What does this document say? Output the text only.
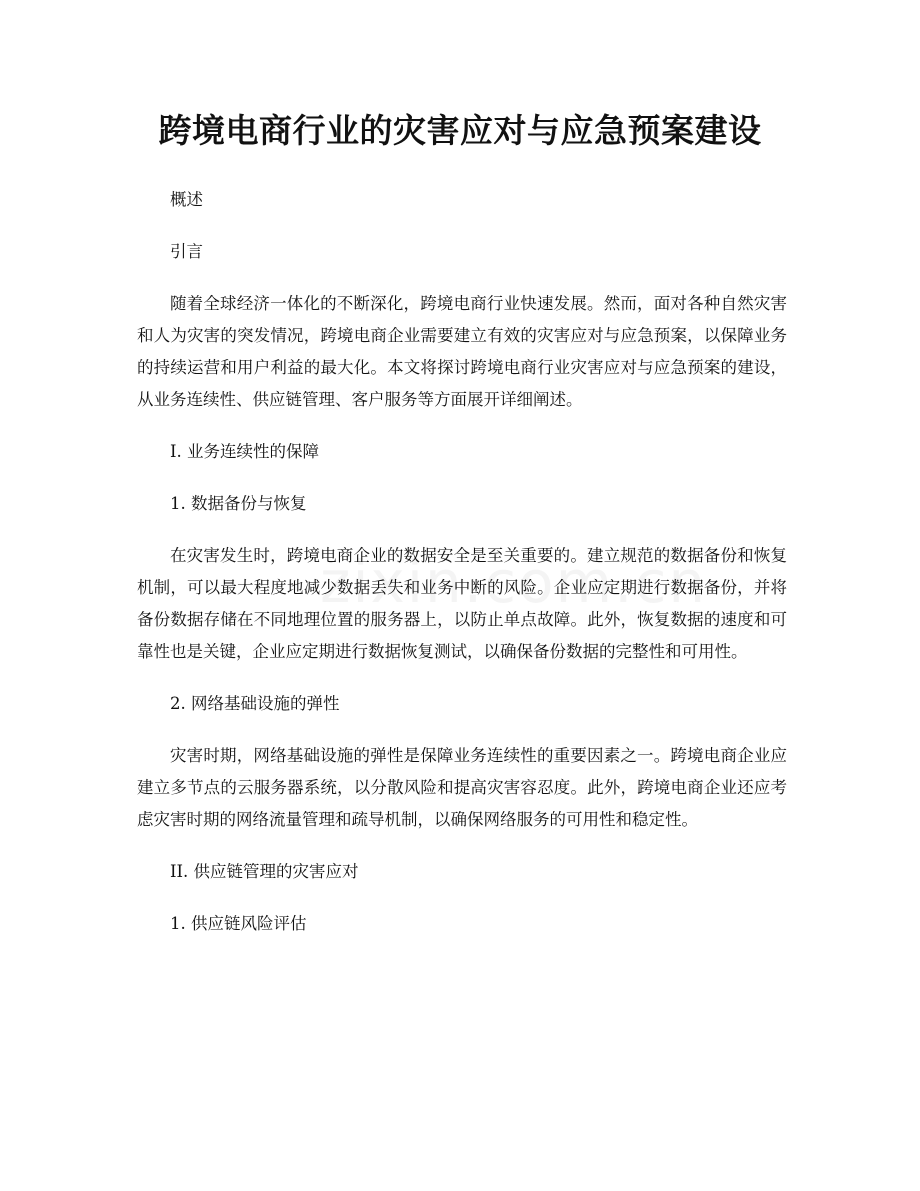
跨境电商行业的灾害应对与应急预案建设

概述

引言

随着全球经济一体化的不断深化，跨境电商行业快速发展。然而，面对各种自然灾害和人为灾害的突发情况，跨境电商企业需要建立有效的灾害应对与应急预案，以保障业务的持续运营和用户利益的最大化。本文将探讨跨境电商行业灾害应对与应急预案的建设，从业务连续性、供应链管理、客户服务等方面展开详细阐述。

I. 业务连续性的保障

1. 数据备份与恢复

在灾害发生时，跨境电商企业的数据安全是至关重要的。建立规范的数据备份和恢复机制，可以最大程度地减少数据丢失和业务中断的风险。企业应定期进行数据备份，并将备份数据存储在不同地理位置的服务器上，以防止单点故障。此外，恢复数据的速度和可靠性也是关键，企业应定期进行数据恢复测试，以确保备份数据的完整性和可用性。

2. 网络基础设施的弹性

灾害时期，网络基础设施的弹性是保障业务连续性的重要因素之一。跨境电商企业应建立多节点的云服务器系统，以分散风险和提高灾害容忍度。此外，跨境电商企业还应考虑灾害时期的网络流量管理和疏导机制，以确保网络服务的可用性和稳定性。

II. 供应链管理的灾害应对

1. 供应链风险评估
